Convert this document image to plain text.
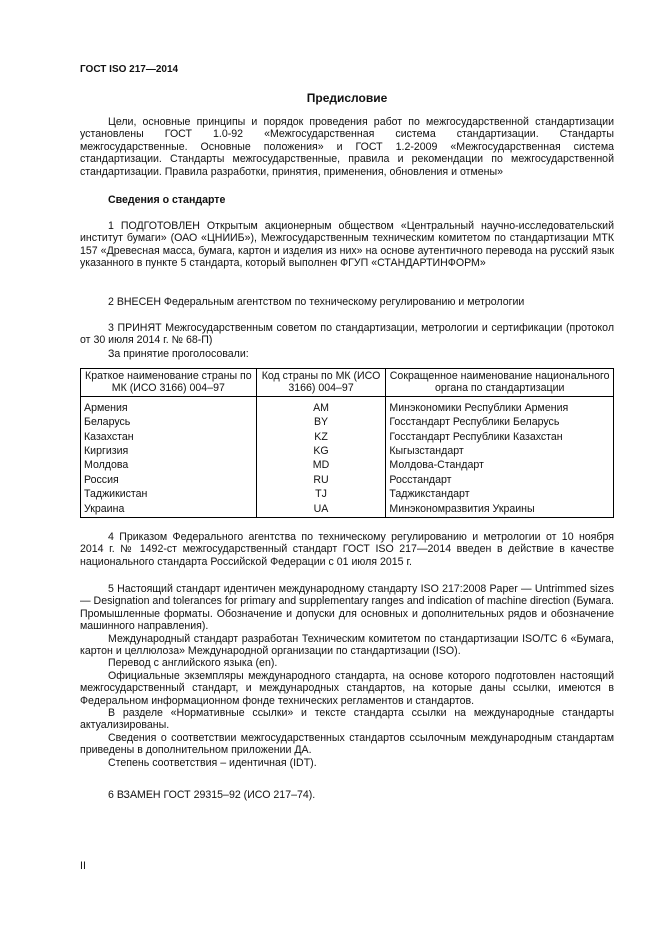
ГОСТ ISO 217—2014
Предисловие

Цели, основные принципы и порядок проведения работ по межгосударственной стандартизации установлены ГОСТ 1.0-92 «Межгосударственная система стандартизации. Стандарты межгосударственные. Основные положения» и ГОСТ 1.2-2009 «Межгосударственная система стандартизации. Стандарты межгосударственные, правила и рекомендации по межгосударственной стандартизации. Правила разработки, принятия, применения, обновления и отмены»

Сведения о стандарте

1 ПОДГОТОВЛЕН Открытым акционерным обществом «Центральный научно-исследовательский институт бумаги» (ОАО «ЦНИИБ»), Межгосударственным техническим комитетом по стандартизации МТК 157 «Древесная масса, бумага, картон и изделия из них» на основе аутентичного перевода на русский язык указанного в пункте 5 стандарта, который выполнен ФГУП «СТАНДАРТИНФОРМ»

2 ВНЕСЕН Федеральным агентством по техническому регулированию и метрологии

3 ПРИНЯТ Межгосударственным советом по стандартизации, метрологии и сертификации (протокол от 30 июля 2014 г. № 68-П)

За принятие проголосовали:

Краткое наименование страны по МК (ИСО 3166) 004–97	Код страны по МК (ИСО 3166) 004–97	Сокращенное наименование национального органа по стандартизации
Армения	AM	Минэкономики Республики Армения
Беларусь	BY	Госстандарт Республики Беларусь
Казахстан	KZ	Госстандарт Республики Казахстан
Киргизия	KG	Кыгызстандарт
Молдова	MD	Молдова-Стандарт
Россия	RU	Росстандарт
Таджикистан	TJ	Таджикстандарт
Украина	UA	Минэкономразвития Украины

4 Приказом Федерального агентства по техническому регулированию и метрологии от 10 ноября 2014 г. № 1492-ст межгосударственный стандарт ГОСТ ISO 217—2014 введен в действие в качестве национального стандарта Российской Федерации с 01 июля 2015 г.

5 Настоящий стандарт идентичен международному стандарту ISO 217:2008 Paper — Untrimmed sizes — Designation and tolerances for primary and supplementary ranges and indication of machine direction (Бумага. Промышленные форматы. Обозначение и допуски для основных и дополнительных рядов и обозначение машинного направления).

Международный стандарт разработан Техническим комитетом по стандартизации ISO/TC 6 «Бумага, картон и целлюлоза» Международной организации по стандартизации (ISO).

Перевод с английского языка (en).

Официальные экземпляры международного стандарта, на основе которого подготовлен настоящий межгосударственный стандарт, и международных стандартов, на которые даны ссылки, имеются в Федеральном информационном фонде технических регламентов и стандартов.

В разделе «Нормативные ссылки» и тексте стандарта ссылки на международные стандарты актуализированы.

Сведения о соответствии межгосударственных стандартов ссылочным международным стандартам приведены в дополнительном приложении ДА.

Степень соответствия – идентичная (IDT).

6 ВЗАМЕН ГОСТ 29315–92 (ИСО 217–74).

II
